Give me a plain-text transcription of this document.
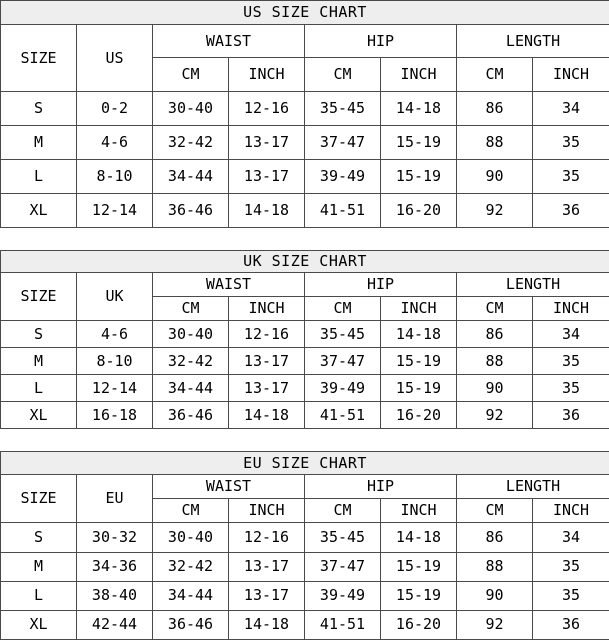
US SIZE CHART							
SIZE	US	WAIST		HIP		LENGTH	
		CM	INCH	CM	INCH	CM	INCH
S	0-2	30-40	12-16	35-45	14-18	86	34
M	4-6	32-42	13-17	37-47	15-19	88	35
L	8-10	34-44	13-17	39-49	15-19	90	35
XL	12-14	36-46	14-18	41-51	16-20	92	36
UK SIZE CHART							
SIZE	UK	WAIST		HIP		LENGTH	
		CM	INCH	CM	INCH	CM	INCH
S	4-6	30-40	12-16	35-45	14-18	86	34
M	8-10	32-42	13-17	37-47	15-19	88	35
L	12-14	34-44	13-17	39-49	15-19	90	35
XL	16-18	36-46	14-18	41-51	16-20	92	36
EU SIZE CHART							
SIZE	EU	WAIST		HIP		LENGTH	
		CM	INCH	CM	INCH	CM	INCH
S	30-32	30-40	12-16	35-45	14-18	86	34
M	34-36	32-42	13-17	37-47	15-19	88	35
L	38-40	34-44	13-17	39-49	15-19	90	35
XL	42-44	36-46	14-18	41-51	16-20	92	36
